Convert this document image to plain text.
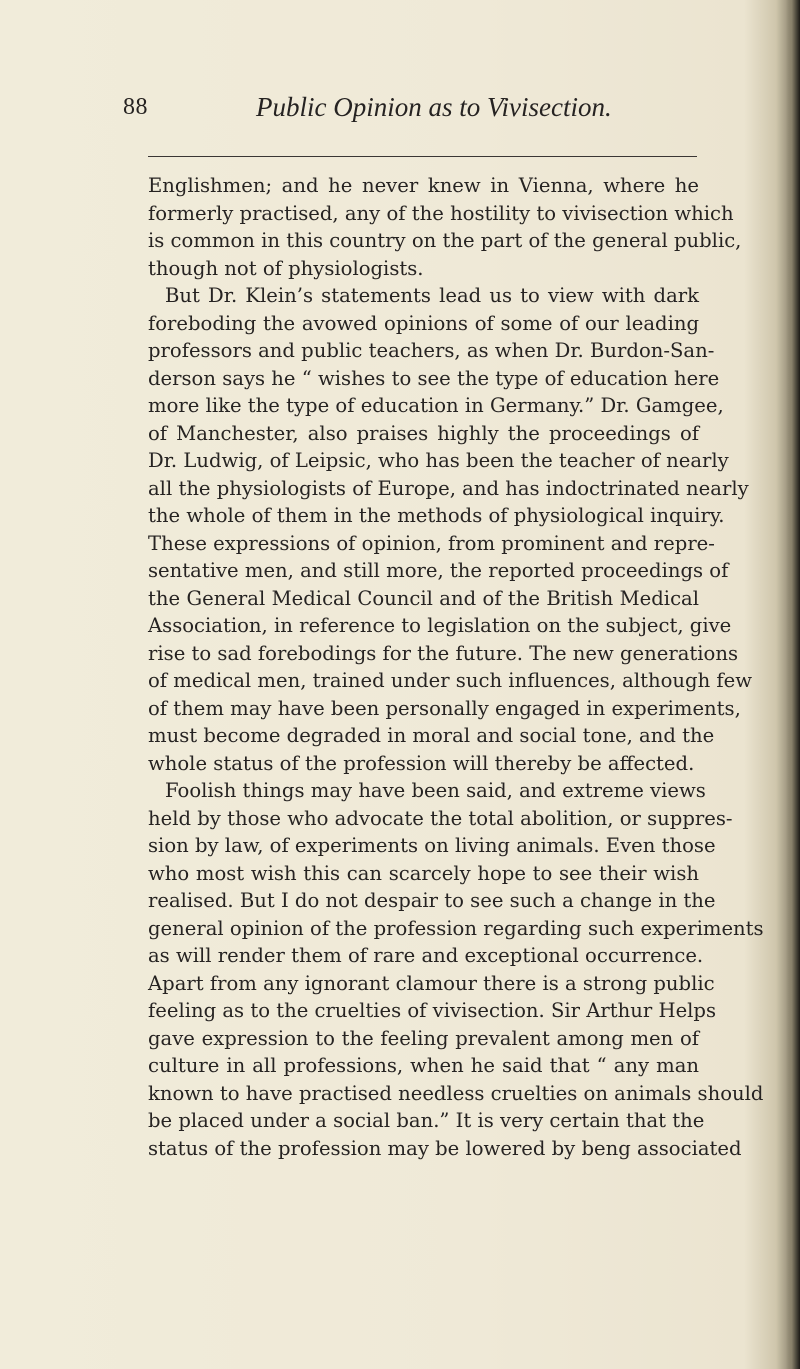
88	Public Opinion as to Vivisection.
Englishmen; and he never knew in Vienna, where he
formerly practised, any of the hostility to vivisection which
is common in this country on the part of the general public,
though not of physiologists.
But Dr. Klein’s statements lead us to view with dark
foreboding the avowed opinions of some of our leading
professors and public teachers, as when Dr. Burdon-San-
derson says he “ wishes to see the type of education here
more like the type of education in Germany.” Dr. Gamgee,
of Manchester, also praises highly the proceedings of
Dr. Ludwig, of Leipsic, who has been the teacher of nearly
all the physiologists of Europe, and has indoctrinated nearly
the whole of them in the methods of physiological inquiry.
These expressions of opinion, from prominent and repre-
sentative men, and still more, the reported proceedings of
the General Medical Council and of the British Medical
Association, in reference to legislation on the subject, give
rise to sad forebodings for the future. The new generations
of medical men, trained under such influences, although few
of them may have been personally engaged in experiments,
must become degraded in moral and social tone, and the
whole status of the profession will thereby be affected.
Foolish things may have been said, and extreme views
held by those who advocate the total abolition, or suppres-
sion by law, of experiments on living animals. Even those
who most wish this can scarcely hope to see their wish
realised. But I do not despair to see such a change in the
general opinion of the profession regarding such experiments
as will render them of rare and exceptional occurrence.
Apart from any ignorant clamour there is a strong public
feeling as to the cruelties of vivisection. Sir Arthur Helps
gave expression to the feeling prevalent among men of
culture in all professions, when he said that “ any man
known to have practised needless cruelties on animals should
be placed under a social ban.” It is very certain that the
status of the profession may be lowered by beng associated
